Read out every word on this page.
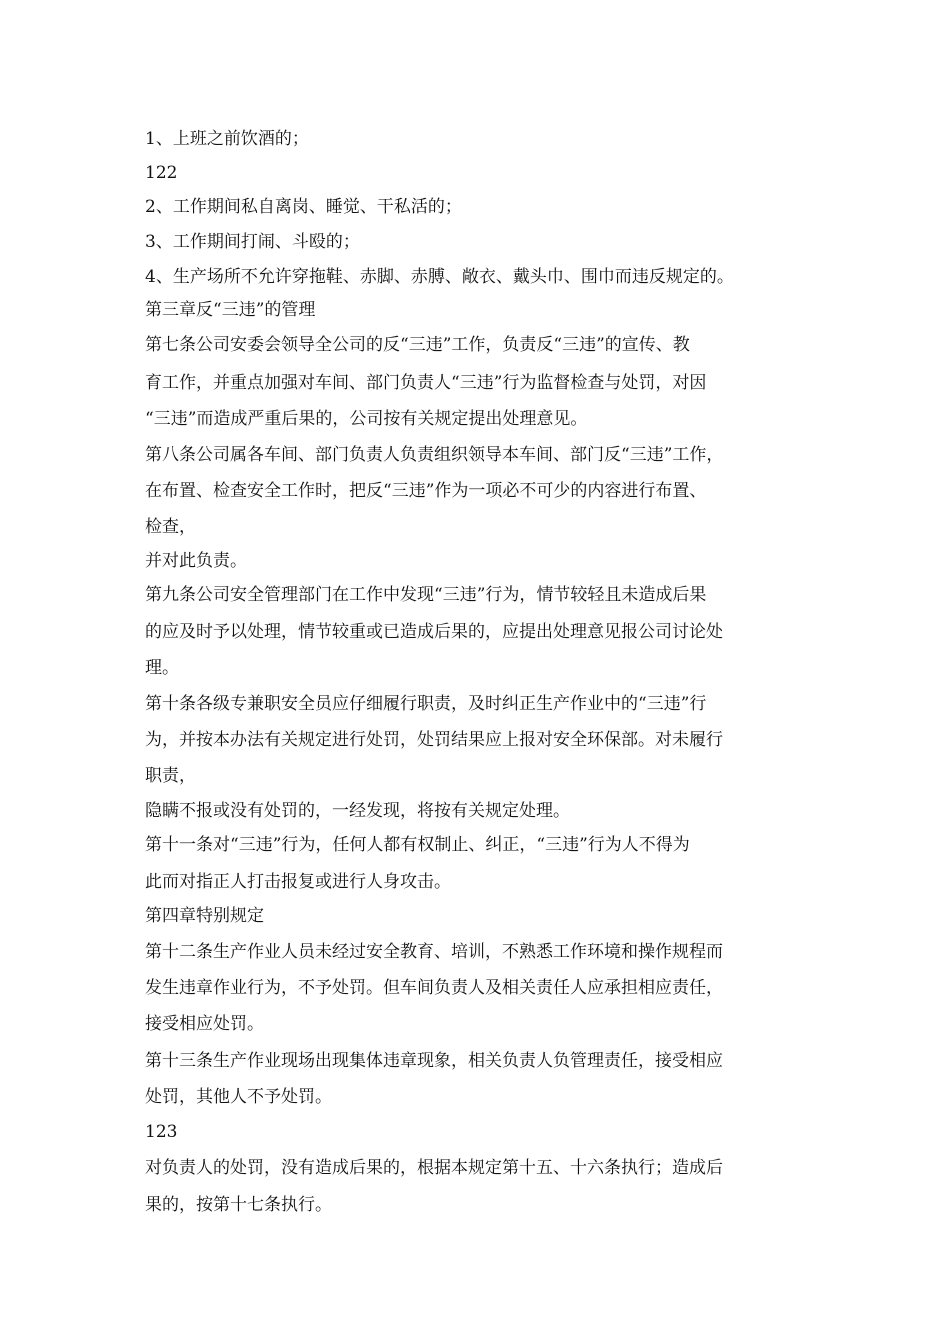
1、上班之前饮酒的；
122
2、工作期间私自离岗、睡觉、干私活的；
3、工作期间打闹、斗殴的；
4、生产场所不允许穿拖鞋、赤脚、赤膊、敞衣、戴头巾、围巾而违反规定的。
第三章反“三违”的管理
第七条公司安委会领导全公司的反“三违”工作，负责反“三违”的宣传、教
育工作，并重点加强对车间、部门负责人“三违”行为监督检查与处罚，对因
“三违”而造成严重后果的，公司按有关规定提出处理意见。
第八条公司属各车间、部门负责人负责组织领导本车间、部门反“三违”工作，
在布置、检查安全工作时，把反“三违”作为一项必不可少的内容进行布置、
检查，
并对此负责。
第九条公司安全管理部门在工作中发现“三违”行为，情节较轻且未造成后果
的应及时予以处理，情节较重或已造成后果的，应提出处理意见报公司讨论处
理。
第十条各级专兼职安全员应仔细履行职责，及时纠正生产作业中的“三违”行
为，并按本办法有关规定进行处罚，处罚结果应上报对安全环保部。对未履行
职责，
隐瞒不报或没有处罚的，一经发现，将按有关规定处理。
第十一条对“三违”行为，任何人都有权制止、纠正，“三违”行为人不得为
此而对指正人打击报复或进行人身攻击。
第四章特别规定
第十二条生产作业人员未经过安全教育、培训，不熟悉工作环境和操作规程而
发生违章作业行为，不予处罚。但车间负责人及相关责任人应承担相应责任，
接受相应处罚。
第十三条生产作业现场出现集体违章现象，相关负责人负管理责任，接受相应
处罚，其他人不予处罚。
123
对负责人的处罚，没有造成后果的，根据本规定第十五、十六条执行；造成后
果的，按第十七条执行。
